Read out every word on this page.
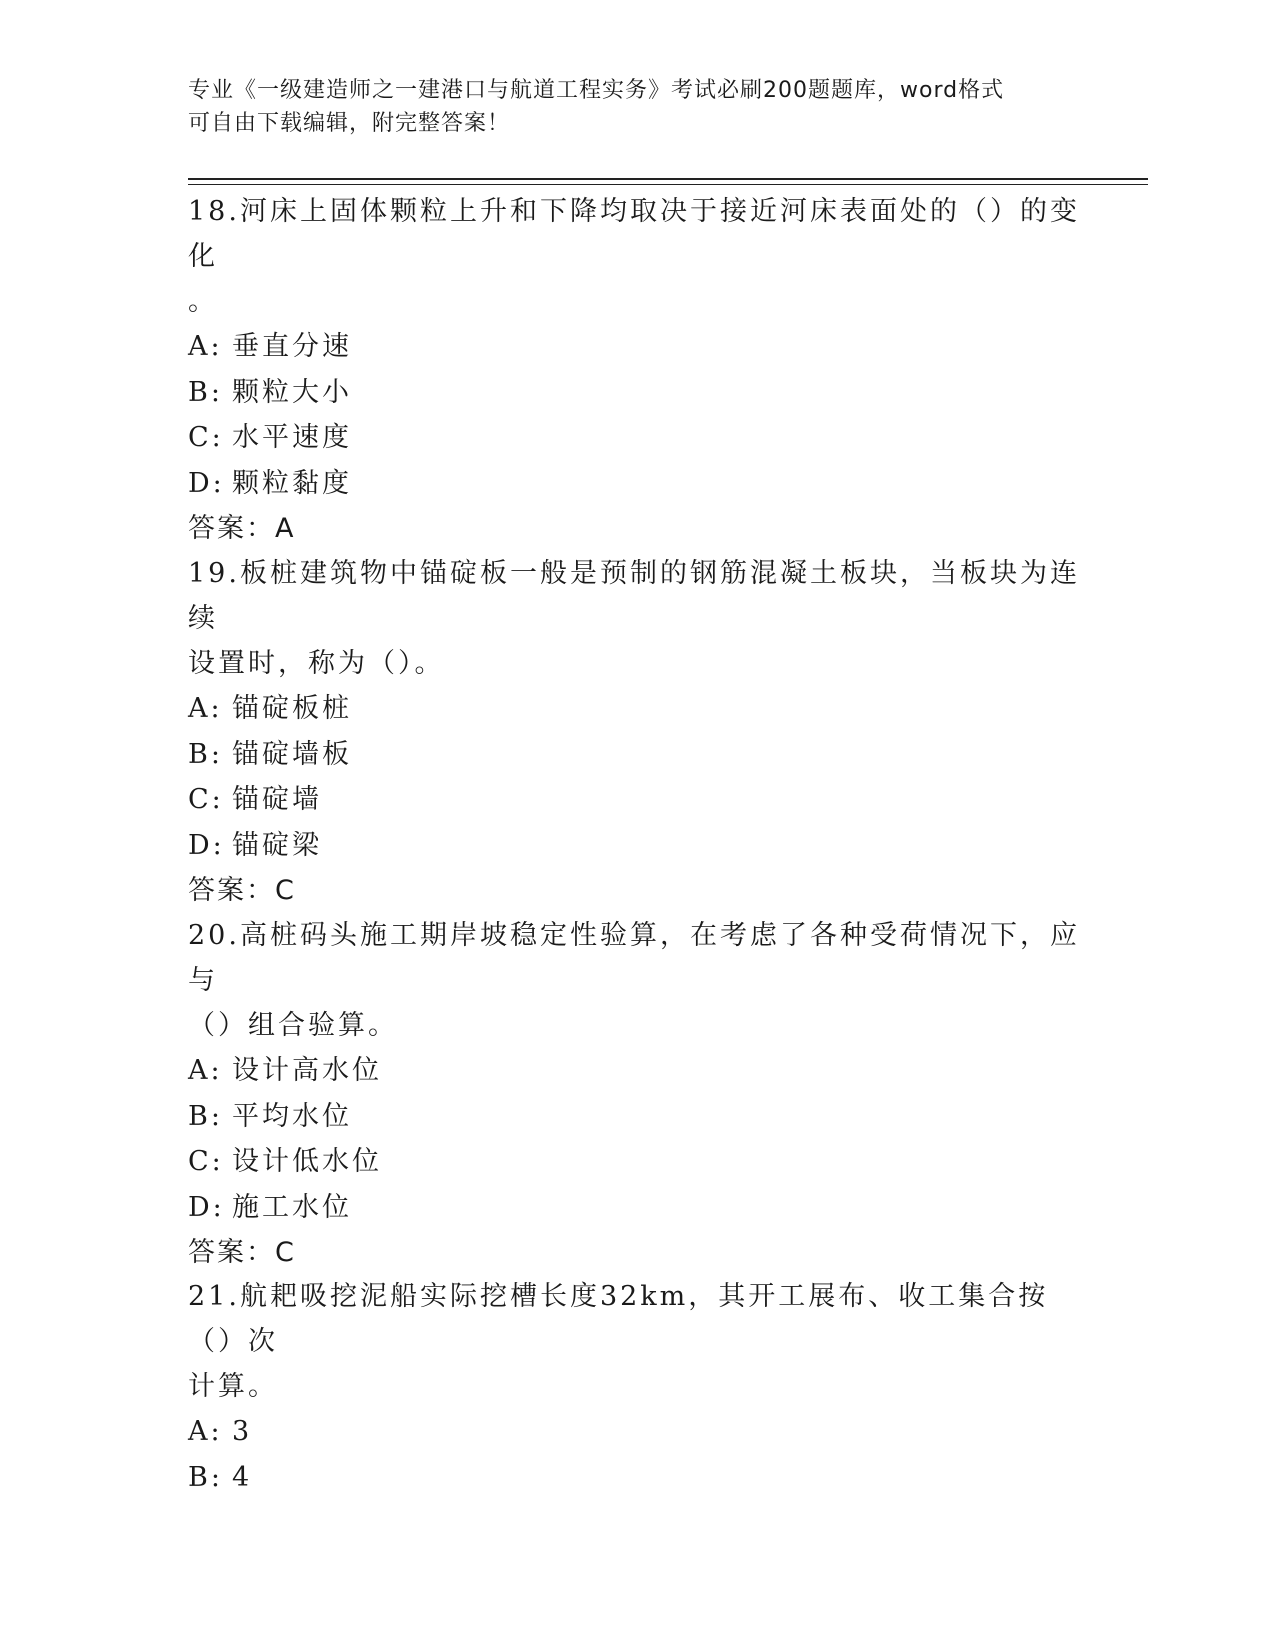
专业《一级建造师之一建港口与航道工程实务》考试必刷200题题库，word格式
可自由下载编辑，附完整答案！

18.河床上固体颗粒上升和下降均取决于接近河床表面处的（）的变化
。

A: 垂直分速
B: 颗粒大小
C: 水平速度
D: 颗粒黏度
答案：A

19.板桩建筑物中锚碇板一般是预制的钢筋混凝土板块，当板块为连续
设置时，称为（）。

A: 锚碇板桩
B: 锚碇墙板
C: 锚碇墙
D: 锚碇梁
答案：C

20.高桩码头施工期岸坡稳定性验算，在考虑了各种受荷情况下，应与
（）组合验算。

A: 设计高水位
B: 平均水位
C: 设计低水位
D: 施工水位
答案：C

21.航耙吸挖泥船实际挖槽长度32km，其开工展布、收工集合按（）次
计算。

A: 3
B: 4
